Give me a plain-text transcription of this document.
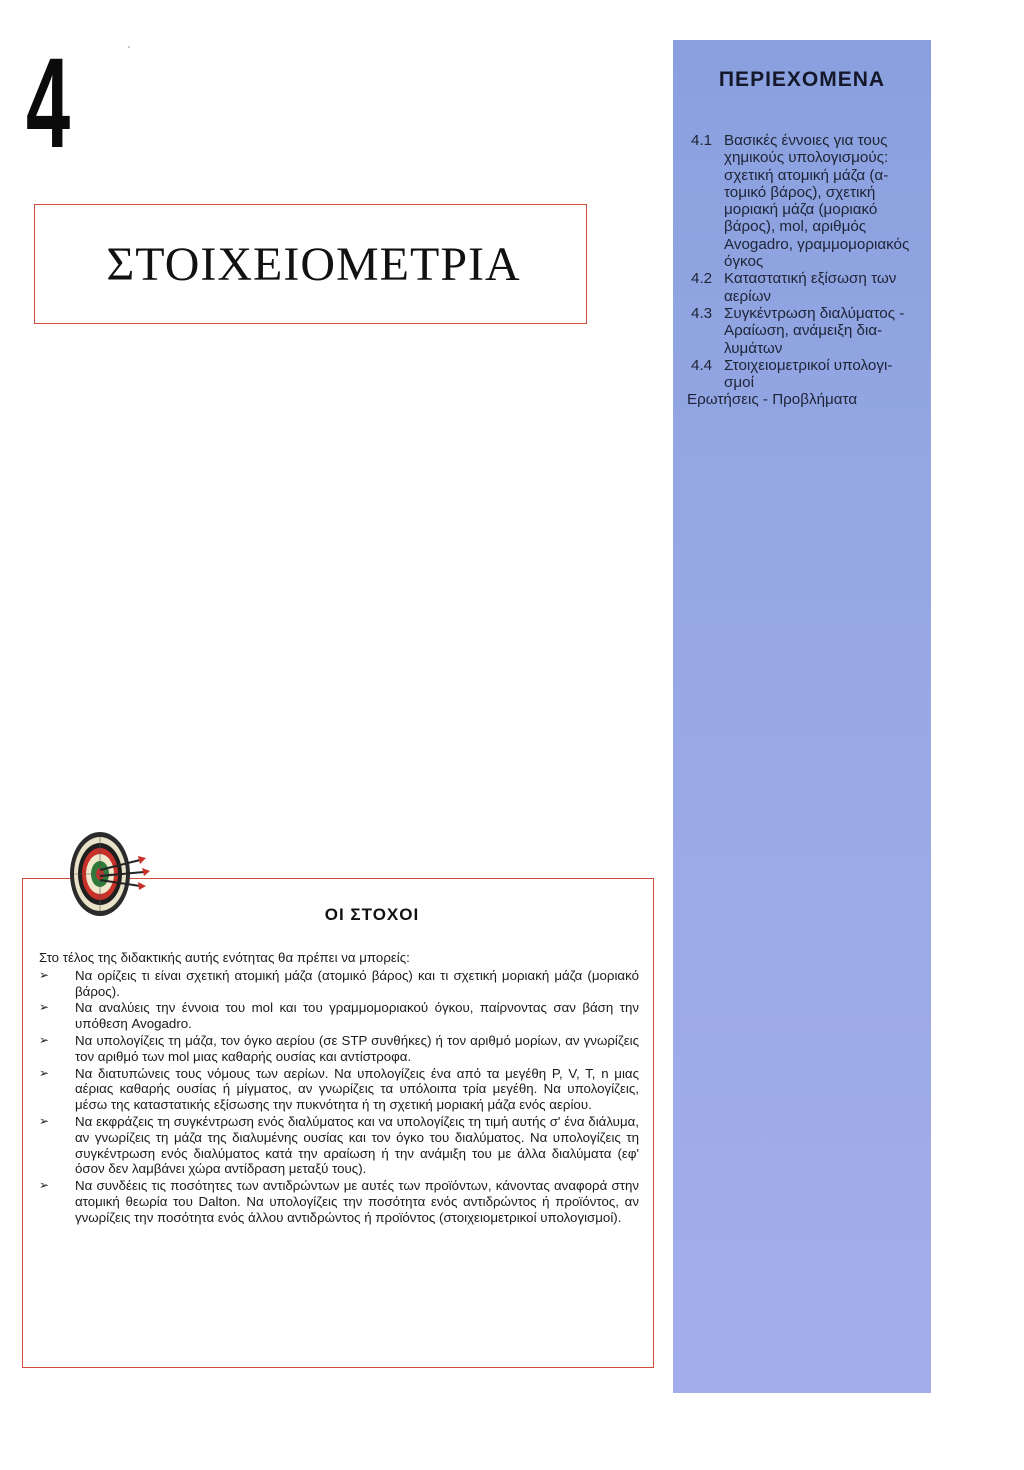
4
ΣΤΟΙΧΕΙΟΜΕΤΡΙΑ
ΠΕΡΙΕΧΟΜΕΝΑ
4.1 Βασικές έννοιες για τους χημικούς υπολογισμούς: σχετική ατομική μάζα (α-τομικό βάρος), σχετική μοριακή μάζα (μοριακό βάρος), mol, αριθμός Avogadro, γραμμομοριακός όγκος
4.2 Καταστατική εξίσωση των αερίων
4.3 Συγκέντρωση διαλύματος - Αραίωση, ανάμειξη δια-λυμάτων
4.4 Στοιχειομετρικοί υπολογι-σμοί
Ερωτήσεις - Προβλήματα
ΟΙ ΣΤΟΧΟΙ
Στο τέλος της διδακτικής αυτής ενότητας θα πρέπει να μπορείς:
➢	Να ορίζεις τι είναι σχετική ατομική μάζα (ατομικό βάρος) και τι σχετική μοριακή μάζα (μοριακό βάρος).
➢	Να αναλύεις την έννοια του mol και του γραμμομοριακού όγκου, παίρνοντας σαν βάση την υπόθεση Avogadro.
➢	Να υπολογίζεις τη μάζα, τον όγκο αερίου (σε STP συνθήκες) ή τον αριθμό μορίων, αν γνωρίζεις τον αριθμό των mol μιας καθαρής ουσίας και αντίστροφα.
➢	Να διατυπώνεις τους νόμους των αερίων. Να υπολογίζεις ένα από τα μεγέθη P, V, T, n μιας αέριας καθαρής ουσίας ή μίγματος, αν γνωρίζεις τα υπόλοιπα τρία μεγέθη. Να υπολογίζεις, μέσω της καταστατικής εξίσωσης την πυκνότητα ή τη σχετική μοριακή μάζα ενός αερίου.
➢	Να εκφράζεις τη συγκέντρωση ενός διαλύματος και να υπολογίζεις τη τιμή αυτής σ' ένα διάλυμα, αν γνωρίζεις τη μάζα της διαλυμένης ουσίας και τον όγκο του διαλύματος. Να υπολογίζεις τη συγκέντρωση ενός διαλύματος κατά την αραίωση ή την ανάμιξη του με άλλα διαλύματα (εφ' όσον δεν λαμβάνει χώρα αντίδραση μεταξύ τους).
➢	Να συνδέεις τις ποσότητες των αντιδρώντων με αυτές των προϊόντων, κάνοντας αναφορά στην ατομική θεωρία του Dalton. Να υπολογίζεις την ποσότητα ενός αντιδρώντος ή προϊόντος, αν γνωρίζεις την ποσότητα ενός άλλου αντιδρώντος ή προϊόντος (στοιχειομετρικοί υπολογισμοί).
